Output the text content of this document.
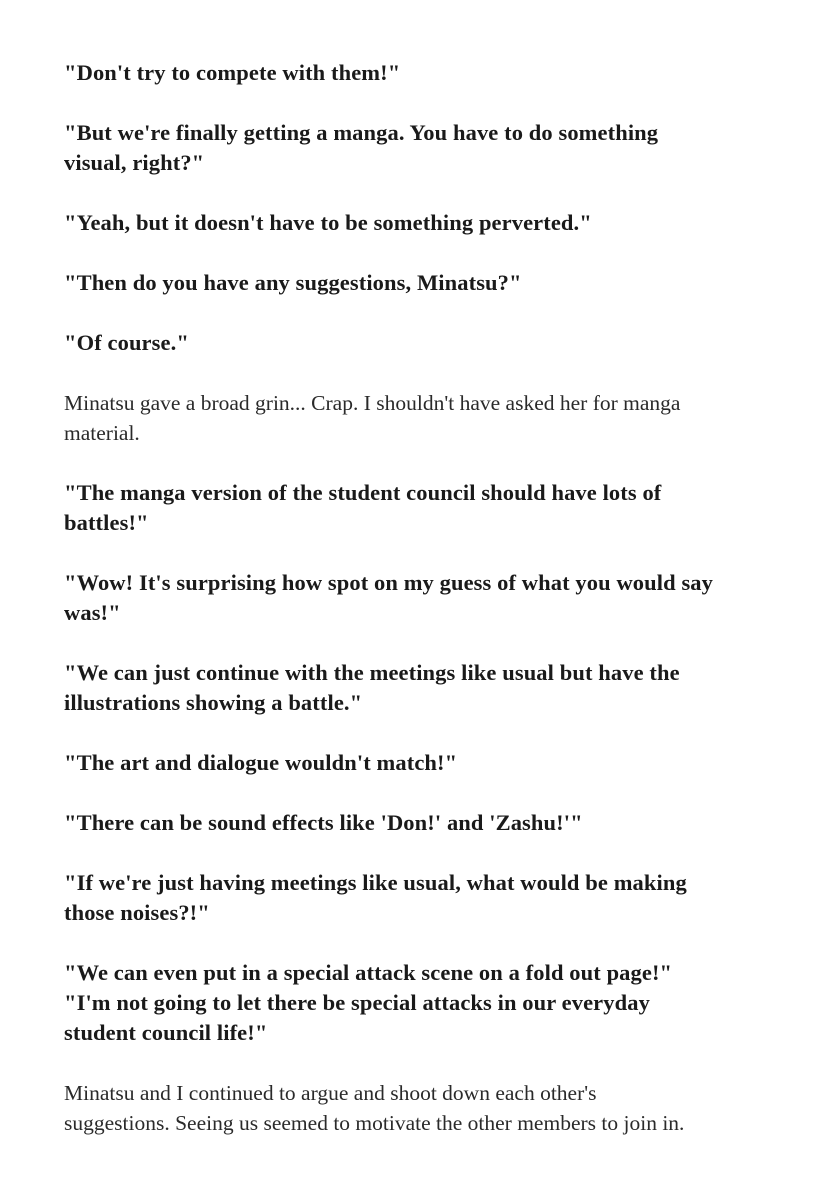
"Don't try to compete with them!"

"But we're finally getting a manga. You have to do something
visual, right?"

"Yeah, but it doesn't have to be something perverted."

"Then do you have any suggestions, Minatsu?"

"Of course."

Minatsu gave a broad grin... Crap. I shouldn't have asked her for manga
material.

"The manga version of the student council should have lots of
battles!"

"Wow! It's surprising how spot on my guess of what you would say
was!"

"We can just continue with the meetings like usual but have the
illustrations showing a battle."

"The art and dialogue wouldn't match!"

"There can be sound effects like 'Don!' and 'Zashu!'"

"If we're just having meetings like usual, what would be making
those noises?!"

"We can even put in a special attack scene on a fold out page!"
"I'm not going to let there be special attacks in our everyday
student council life!"

Minatsu and I continued to argue and shoot down each other's
suggestions. Seeing us seemed to motivate the other members to join in.
